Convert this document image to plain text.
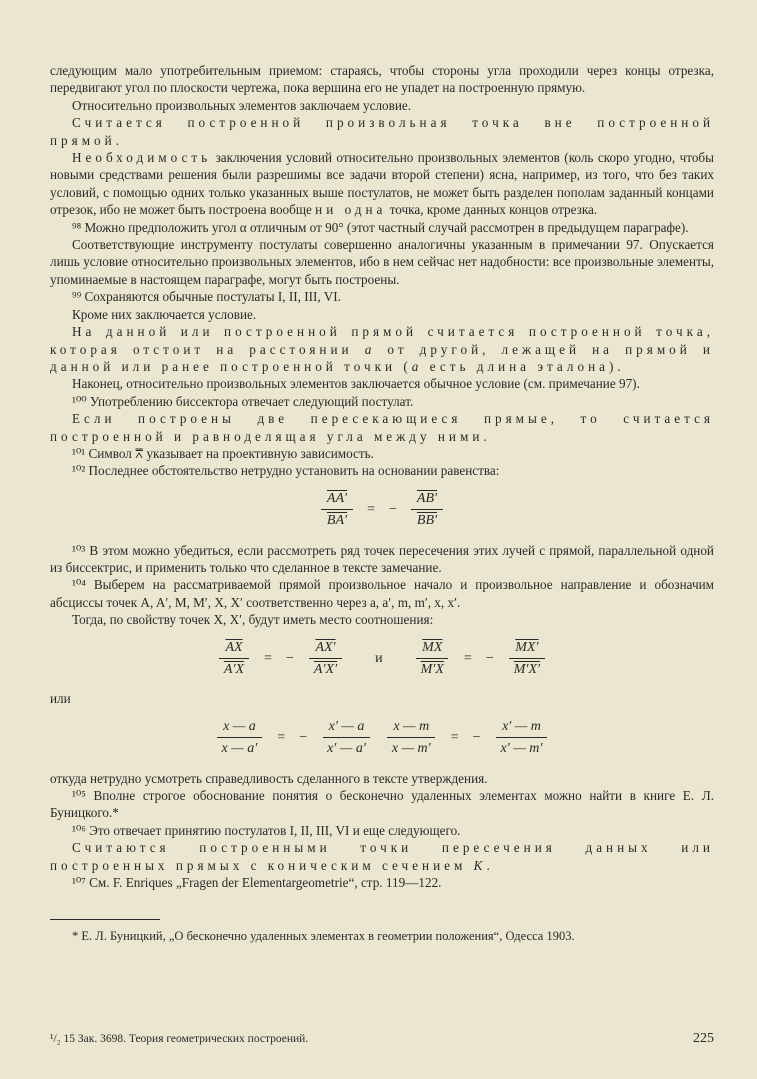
следующим мало употребительным приемом: стараясь, чтобы стороны угла проходили через концы отрезка, передвигают угол по плоскости чертежа, пока вершина его не упадет на построенную прямую.

Относительно произвольных элементов заключаем условие.

Считается построенной произвольная точка вне построенной прямой.

Необходимость заключения условий относительно произвольных элементов (коль скоро угодно, чтобы новыми средствами решения были разрешимы все задачи второй степени) ясна, например, из того, что без таких условий, с помощью одних только указанных выше постулатов, не может быть разделен пополам заданный концами отрезок, ибо не может быть построена вообще ни одна точка, кроме данных концов отрезка.

⁹⁸ Можно предположить угол α отличным от 90° (этот частный случай рассмотрен в предыдущем параграфе).

Соответствующие инструменту постулаты совершенно аналогичны указанным в примечании 97. Опускается лишь условие относительно произвольных элементов, ибо в нем сейчас нет надобности: все произвольные элементы, упоминаемые в настоящем параграфе, могут быть построены.

⁹⁹ Сохраняются обычные постулаты I, II, III, VI.

Кроме них заключается условие.

На данной или построенной прямой считается построенной точка, которая отстоит на расстоянии a от другой, лежащей на прямой и данной или ранее построенной точки (a есть длина эталона).

Наконец, относительно произвольных элементов заключается обычное условие (см. примечание 97).

¹⁰⁰ Употреблению биссектора отвечает следующий постулат.

Если построены две пересекающиеся прямые, то считается построенной и равноделящая угла между ними.

¹⁰¹ Символ ⩞ указывает на проективную зависимость.

¹⁰² Последнее обстоятельство нетрудно установить на основании равенства:

$\frac{AA'}{BA'}$ = − $\frac{AB'}{BB'}$

¹⁰³ В этом можно убедиться, если рассмотреть ряд точек пересечения этих лучей с прямой, параллельной одной из биссектрис, и применить только что сделанное в тексте замечание.

¹⁰⁴ Выберем на рассматриваемой прямой произвольное начало и произвольное направление и обозначим абсциссы точек A, A′, M, M′, X, X′ соответственно через a, a′, m, m′, x, x′.

Тогда, по свойству точек X, X′, будут иметь место соотношения:

$\frac{\overline{AX}}{A'X}$ = − $\frac{AX'}{A'X'}$ и $\frac{\overline{MX}}{M'X}$ = − $\frac{MX'}{M'X'}$

или

$\frac{x — a}{x — a'}$ = − $\frac{x' — a}{x' — a'} \frac{x — m}{x — m'}$ = − $\frac{x' — m}{x' — m'}$

откуда нетрудно усмотреть справедливость сделанного в тексте утверждения.

¹⁰⁵ Вполне строгое обоснование понятия о бесконечно удаленных элементах можно найти в книге Е. Л. Буницкого.*

¹⁰⁶ Это отвечает принятию постулатов I, II, III, VI и еще следующего.

Считаются построенными точки пересечения данных или построенных прямых с коническим сечением K.

¹⁰⁷ См. F. Enriques „Fragen der Elementargeometrie“, стр. 119—122.

* Е. Л. Буницкий, „О бесконечно удаленных элементах в геометрии положения“, Одесса 1903.

¹/₂ 15 Зак. 3698. Теория геометрических построений.	225
